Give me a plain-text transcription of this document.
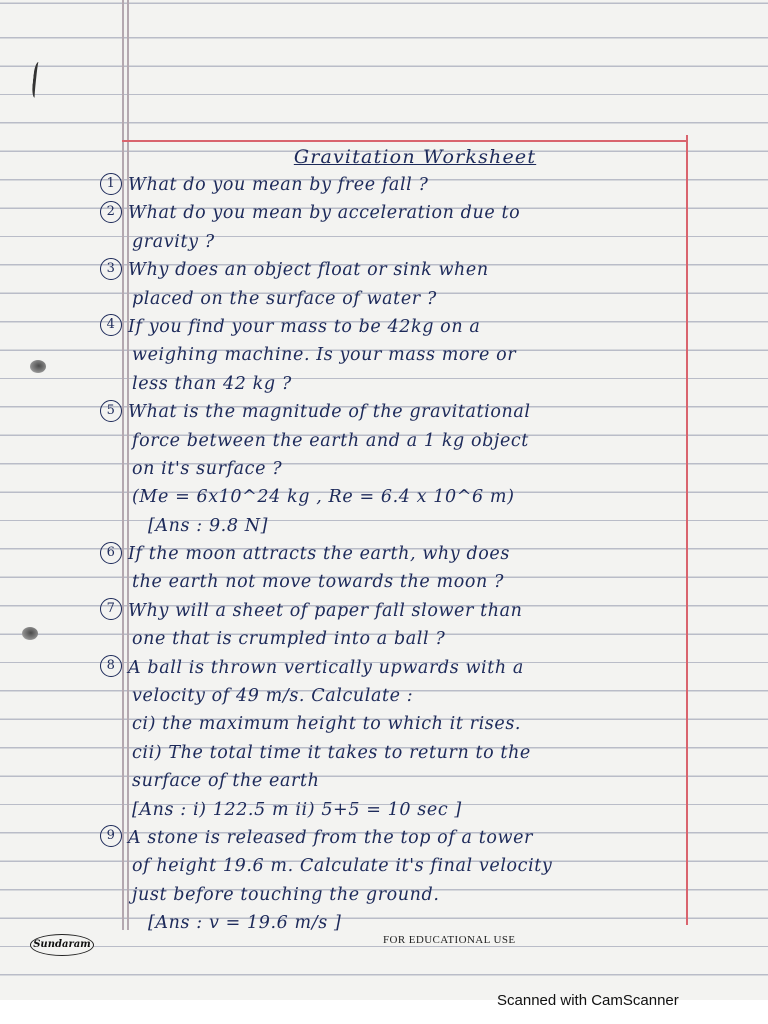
Gravitation Worksheet
1 What do you mean by free fall ?
2 What do you mean by acceleration due to
gravity ?
3 Why does an object float or sink when
placed on the surface of water ?
4 If you find your mass to be 42kg on a
weighing machine. Is your mass more or
less than 42 kg ?
5 What is the magnitude of the gravitational
force between the earth and a 1 kg object
on it's surface ?
(Me = 6x10^24 kg , Re = 6.4 x 10^6 m)
[Ans : 9.8 N]
6 If the moon attracts the earth, why does
the earth not move towards the moon ?
7 Why will a sheet of paper fall slower than
one that is crumpled into a ball ?
8 A ball is thrown vertically upwards with a
velocity of 49 m/s. Calculate :
ci) the maximum height to which it rises.
cii) The total time it takes to return to the
surface of the earth
[Ans : i) 122.5 m ii) 5+5 = 10 sec ]
9 A stone is released from the top of a tower
of height 19.6 m. Calculate it's final velocity
just before touching the ground.
[Ans : v = 19.6 m/s ]
Sundaram	FOR EDUCATIONAL USE
Scanned with CamScanner
